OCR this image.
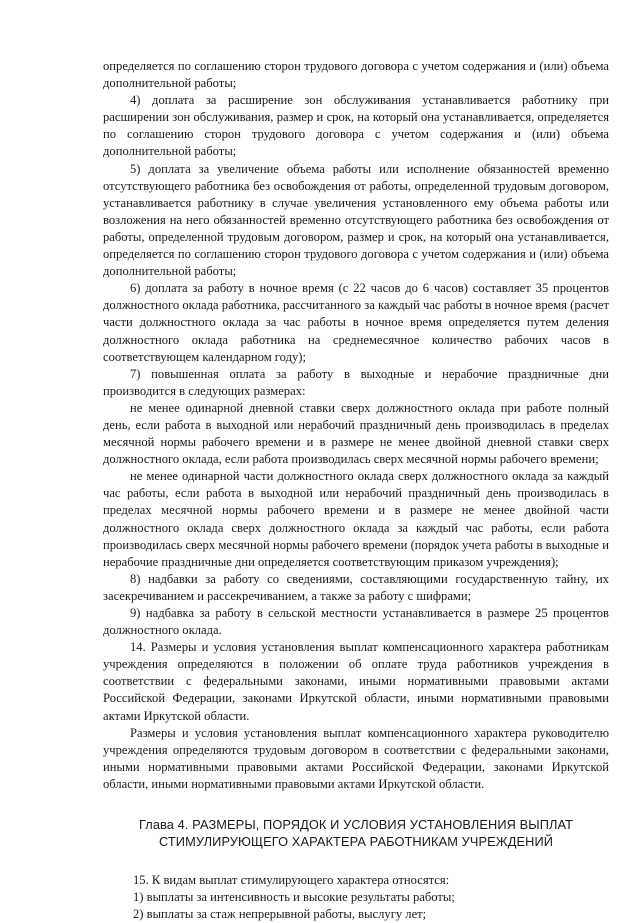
определяется по соглашению сторон трудового договора с учетом содержания и (или) объема дополнительной работы;

4) доплата за расширение зон обслуживания устанавливается работнику при расширении зон обслуживания, размер и срок, на который она устанавливается, определяется по соглашению сторон трудового договора с учетом содержания и (или) объема дополнительной работы;

5) доплата за увеличение объема работы или исполнение обязанностей временно отсутствующего работника без освобождения от работы, определенной трудовым договором, устанавливается работнику в случае увеличения установленного ему объема работы или возложения на него обязанностей временно отсутствующего работника без освобождения от работы, определенной трудовым договором, размер и срок, на который она устанавливается, определяется по соглашению сторон трудового договора с учетом содержания и (или) объема дополнительной работы;

6) доплата за работу в ночное время (с 22 часов до 6 часов) составляет 35 процентов должностного оклада работника, рассчитанного за каждый час работы в ночное время (расчет части должностного оклада за час работы в ночное время определяется путем деления должностного оклада работника на среднемесячное количество рабочих часов в соответствующем календарном году);

7) повышенная оплата за работу в выходные и нерабочие праздничные дни производится в следующих размерах:

не менее одинарной дневной ставки сверх должностного оклада при работе полный день, если работа в выходной или нерабочий праздничный день производилась в пределах месячной нормы рабочего времени и в размере не менее двойной дневной ставки сверх должностного оклада, если работа производилась сверх месячной нормы рабочего времени;

не менее одинарной части должностного оклада сверх должностного оклада за каждый час работы, если работа в выходной или нерабочий праздничный день производилась в пределах месячной нормы рабочего времени и в размере не менее двойной части должностного оклада сверх должностного оклада за каждый час работы, если работа производилась сверх месячной нормы рабочего времени (порядок учета работы в выходные и нерабочие праздничные дни определяется соответствующим приказом учреждения);

8) надбавки за работу со сведениями, составляющими государственную тайну, их засекречиванием и рассекречиванием, а также за работу с шифрами;

9) надбавка за работу в сельской местности устанавливается в размере 25 процентов должностного оклада.

14. Размеры и условия установления выплат компенсационного характера работникам учреждения определяются в положении об оплате труда работников учреждения в соответствии с федеральными законами, иными нормативными правовыми актами Российской Федерации, законами Иркутской области, иными нормативными правовыми актами Иркутской области.

Размеры и условия установления выплат компенсационного характера руководителю учреждения определяются трудовым договором в соответствии с федеральными законами, иными нормативными правовыми актами Российской Федерации, законами Иркутской области, иными нормативными правовыми актами Иркутской области.

Глава 4. РАЗМЕРЫ, ПОРЯДОК И УСЛОВИЯ УСТАНОВЛЕНИЯ ВЫПЛАТ
СТИМУЛИРУЮЩЕГО ХАРАКТЕРА РАБОТНИКАМ УЧРЕЖДЕНИЙ

15. К видам выплат стимулирующего характера относятся:

1) выплаты за интенсивность и высокие результаты работы;

2) выплаты за стаж непрерывной работы, выслугу лет;
